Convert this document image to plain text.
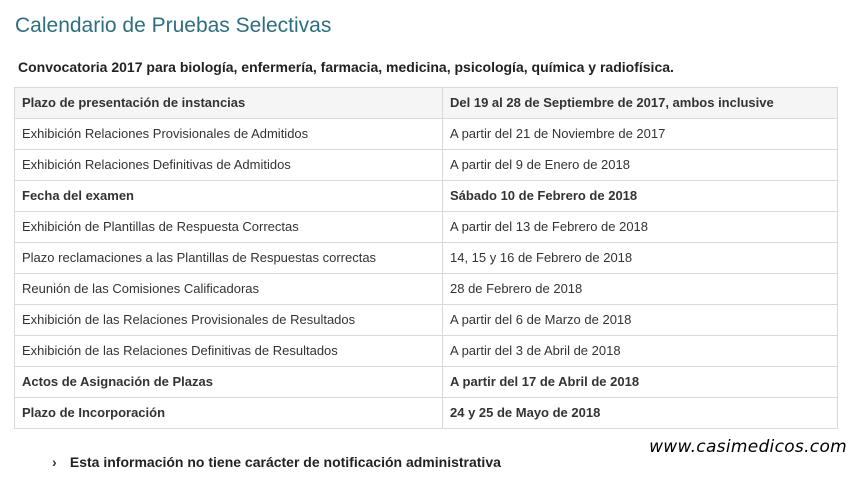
Calendario de Pruebas Selectivas

Convocatoria 2017 para biología, enfermería, farmacia, medicina, psicología, química y radiofísica.

Plazo de presentación de instancias	Del 19 al 28 de Septiembre de 2017, ambos inclusive
Exhibición Relaciones Provisionales de Admitidos	A partir del 21 de Noviembre de 2017
Exhibición Relaciones Definitivas de Admitidos	A partir del 9 de Enero de 2018
Fecha del examen	Sábado 10 de Febrero de 2018
Exhibición de Plantillas de Respuesta Correctas	A partir del 13 de Febrero de 2018
Plazo reclamaciones a las Plantillas de Respuestas correctas	14, 15 y 16 de Febrero de 2018
Reunión de las Comisiones Calificadoras	28 de Febrero de 2018
Exhibición de las Relaciones Provisionales de Resultados	A partir del 6 de Marzo de 2018
Exhibición de las Relaciones Definitivas de Resultados	A partir del 3 de Abril de 2018
Actos de Asignación de Plazas	A partir del 17 de Abril de 2018
Plazo de Incorporación	24 y 25 de Mayo de 2018
www.casimedicos.com
› Esta información no tiene carácter de notificación administrativa
